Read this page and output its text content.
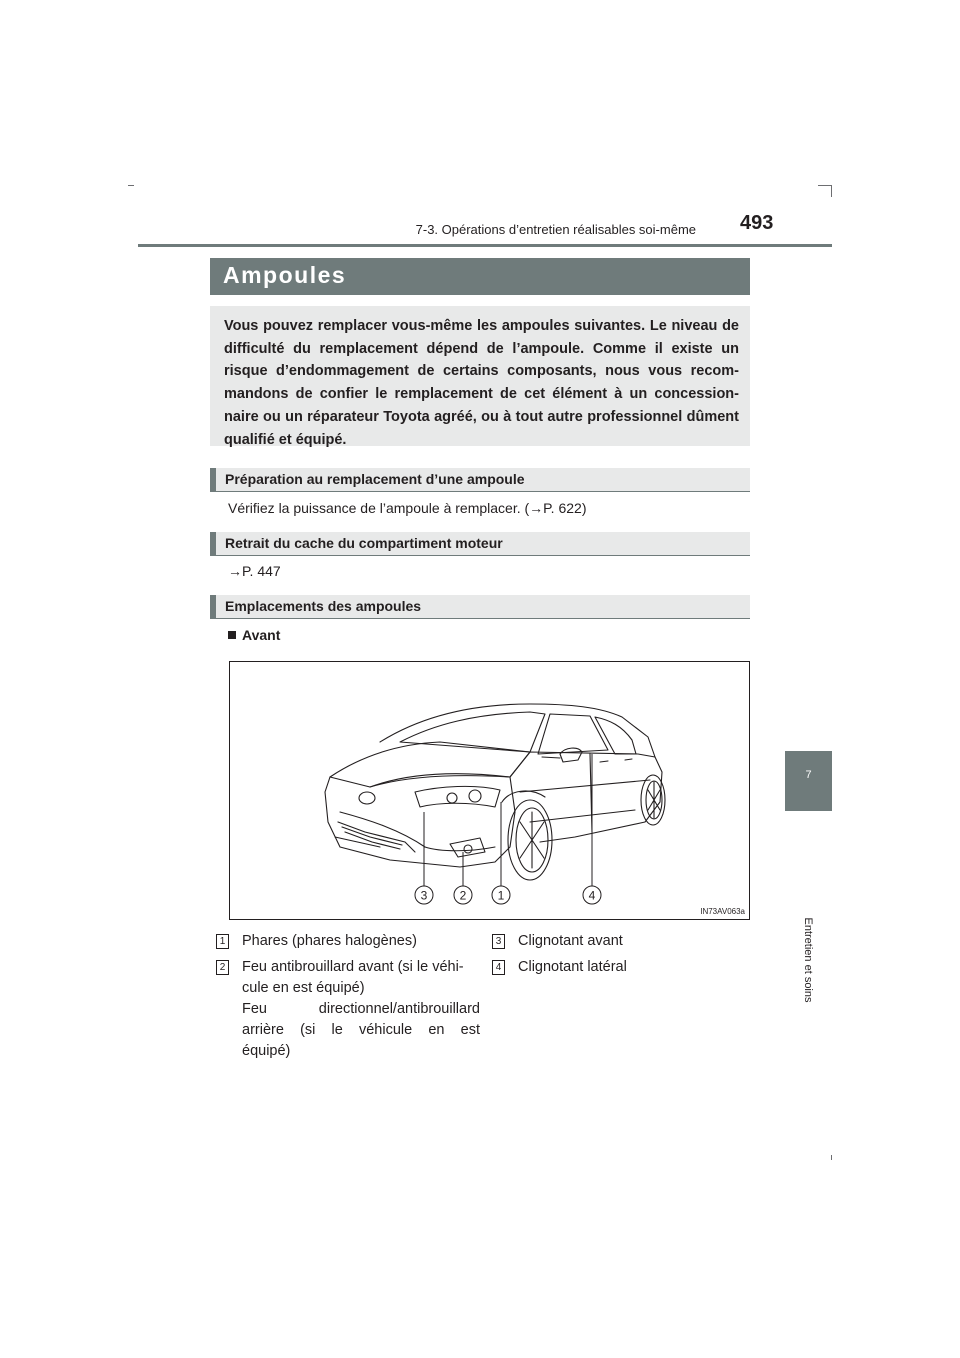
7-3. Opérations d’entretien réalisables soi-même 493
7
Entretien et soins
Ampoules
Vous pouvez remplacer vous-même les ampoules suivantes. Le niveau de difficulté du remplacement dépend de l’ampoule. Comme il existe un risque d’endommagement de certains composants, nous vous recom-mandons de confier le remplacement de cet élément à un concession-naire ou un réparateur Toyota agréé, ou à tout autre professionnel dûment qualifié et équipé.
Préparation au remplacement d’une ampoule
Vérifiez la puissance de l’ampoule à remplacer. (→P. 622)
Retrait du cache du compartiment moteur
→P. 447
Emplacements des ampoules
Avant
3	2	1	4
IN73AV063a
1 Phares (phares halogènes)
2 Feu antibrouillard avant (si le véhi-
cule en est équipé)
Feu directionnel/antibrouillard
arrière (si le véhicule en est
équipé)
3 Clignotant avant
4 Clignotant latéral
